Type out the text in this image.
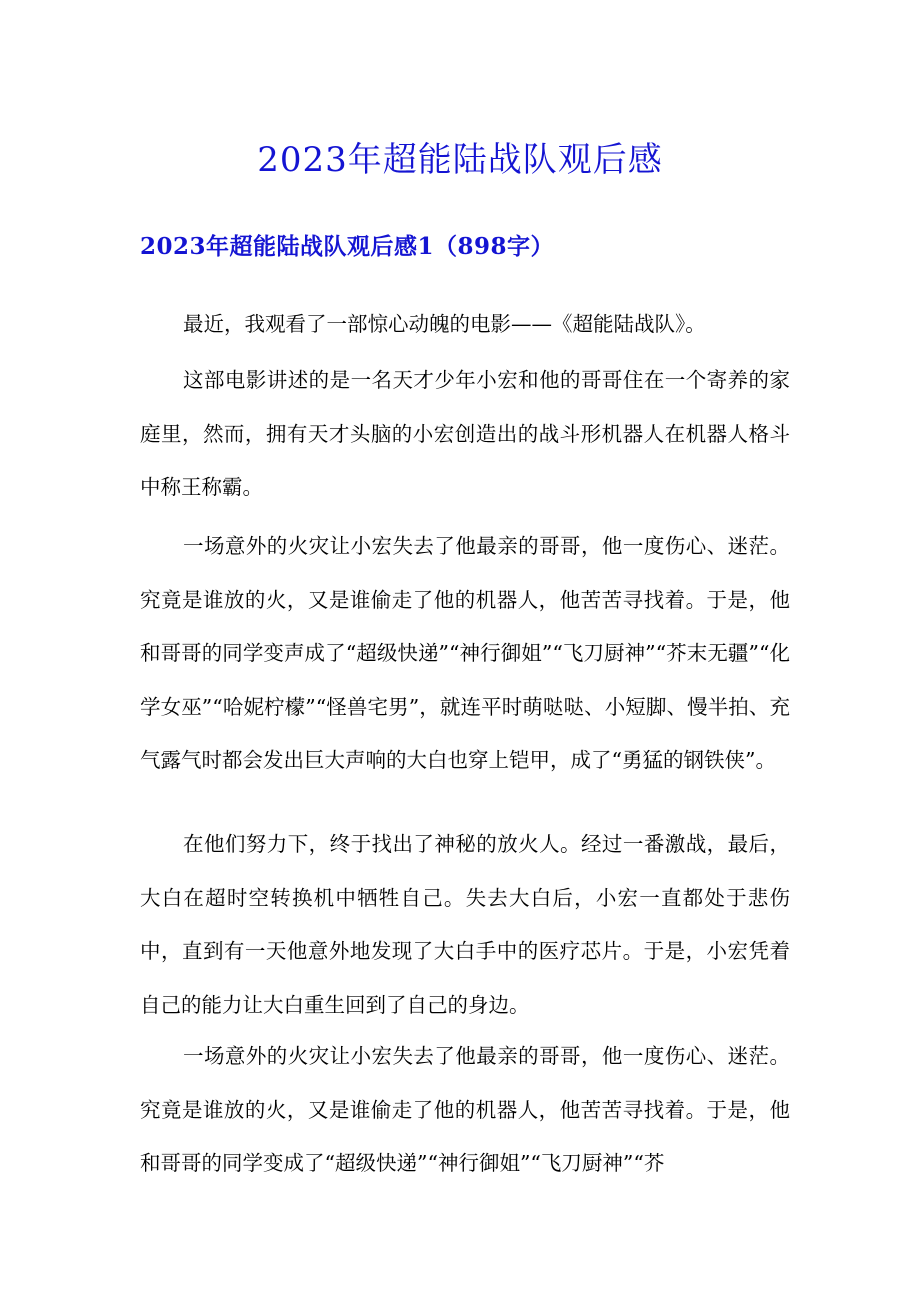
2023年超能陆战队观后感
2023年超能陆战队观后感1（898字）

最近，我观看了一部惊心动魄的电影——《超能陆战队》。

这部电影讲述的是一名天才少年小宏和他的哥哥住在一个寄养的家庭里，然而，拥有天才头脑的小宏创造出的战斗形机器人在机器人格斗中称王称霸。

一场意外的火灾让小宏失去了他最亲的哥哥，他一度伤心、迷茫。究竟是谁放的火，又是谁偷走了他的机器人，他苦苦寻找着。于是，他和哥哥的同学变声成了“超级快递”“神行御姐”“飞刀厨神”“芥末无疆”“化学女巫”“哈妮柠檬”“怪兽宅男”，就连平时萌哒哒、小短脚、慢半拍、充气露气时都会发出巨大声响的大白也穿上铠甲，成了“勇猛的钢铁侠”。

在他们努力下，终于找出了神秘的放火人。经过一番激战，最后，大白在超时空转换机中牺牲自己。失去大白后，小宏一直都处于悲伤中，直到有一天他意外地发现了大白手中的医疗芯片。于是，小宏凭着自己的能力让大白重生回到了自己的身边。

一场意外的火灾让小宏失去了他最亲的哥哥，他一度伤心、迷茫。究竟是谁放的火，又是谁偷走了他的机器人，他苦苦寻找着。于是，他和哥哥的同学变成了“超级快递”“神行御姐”“飞刀厨神”“芥
